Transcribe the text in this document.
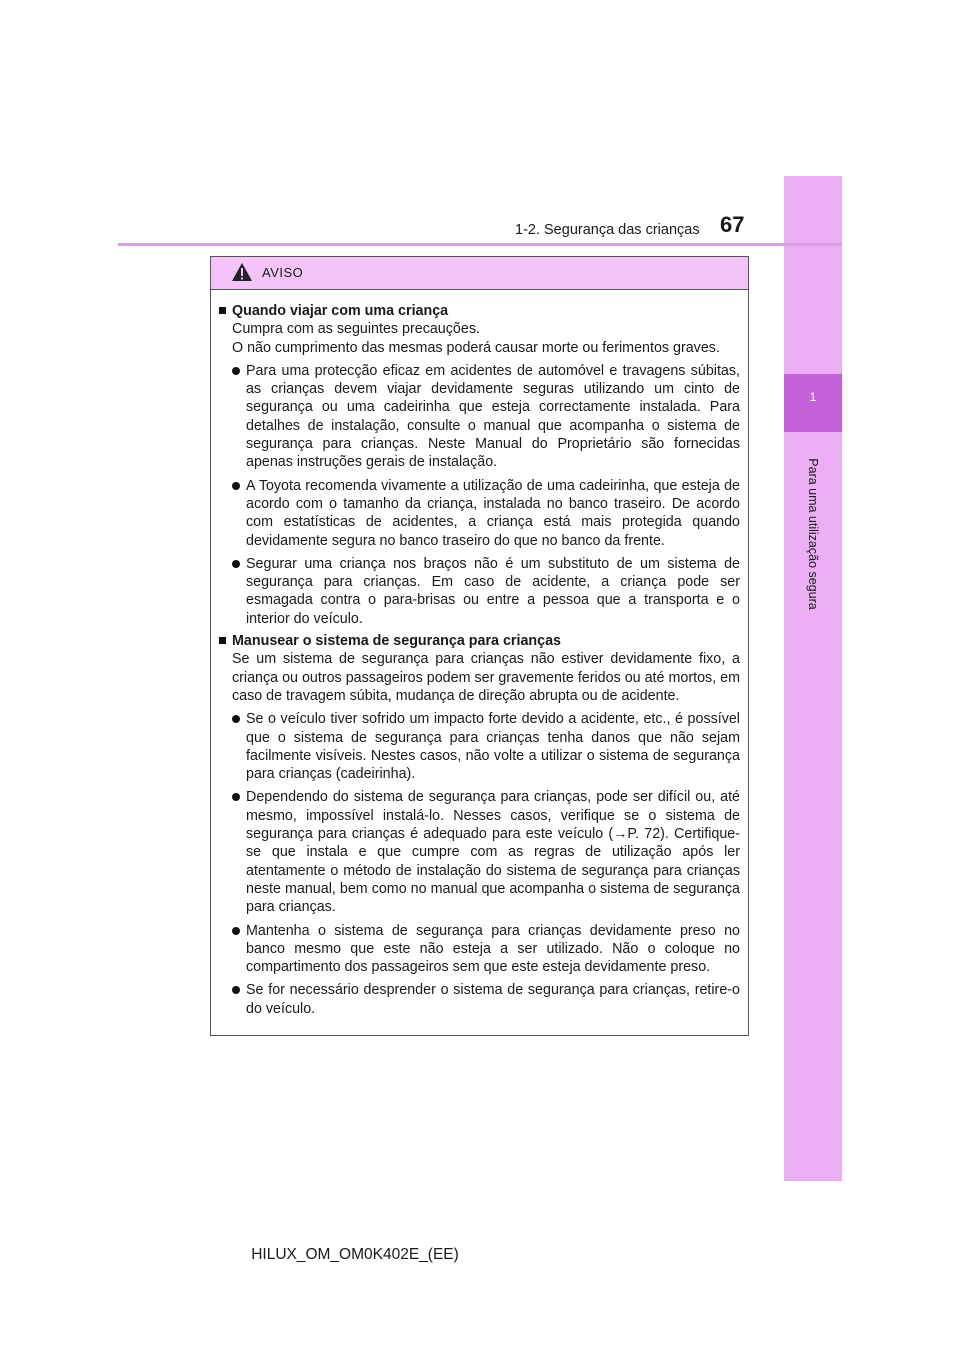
1
Para uma utilização segura
1-2. Segurança das crianças 67
AVISO
Quando viajar com uma criança
Cumpra com as seguintes precauções.
O não cumprimento das mesmas poderá causar morte ou ferimentos graves.
Para uma protecção eficaz em acidentes de automóvel e travagens súbitas, as crianças devem viajar devidamente seguras utilizando um cinto de segurança ou uma cadeirinha que esteja correctamente instalada. Para detalhes de instalação, consulte o manual que acompanha o sistema de segurança para crianças. Neste Manual do Proprietário são fornecidas apenas instruções gerais de instalação.
A Toyota recomenda vivamente a utilização de uma cadeirinha, que esteja de acordo com o tamanho da criança, instalada no banco traseiro. De acordo com estatísticas de acidentes, a criança está mais protegida quando devidamente segura no banco traseiro do que no banco da frente.
Segurar uma criança nos braços não é um substituto de um sistema de segurança para crianças. Em caso de acidente, a criança pode ser esmagada contra o para-brisas ou entre a pessoa que a transporta e o interior do veículo.
Manusear o sistema de segurança para crianças
Se um sistema de segurança para crianças não estiver devidamente fixo, a criança ou outros passageiros podem ser gravemente feridos ou até mortos, em caso de travagem súbita, mudança de direção abrupta ou de acidente.
Se o veículo tiver sofrido um impacto forte devido a acidente, etc., é possível que o sistema de segurança para crianças tenha danos que não sejam facilmente visíveis. Nestes casos, não volte a utilizar o sistema de segurança para crianças (cadeirinha).
Dependendo do sistema de segurança para crianças, pode ser difícil ou, até mesmo, impossível instalá-lo. Nesses casos, verifique se o sistema de segurança para crianças é adequado para este veículo (→P. 72). Certifique-se que instala e que cumpre com as regras de utilização após ler atentamente o método de instalação do sistema de segurança para crianças neste manual, bem como no manual que acompanha o sistema de segurança para crianças.
Mantenha o sistema de segurança para crianças devidamente preso no banco mesmo que este não esteja a ser utilizado. Não o coloque no compartimento dos passageiros sem que este esteja devidamente preso.
Se for necessário desprender o sistema de segurança para crianças, retire-o do veículo.
HILUX_OM_OM0K402E_(EE)
